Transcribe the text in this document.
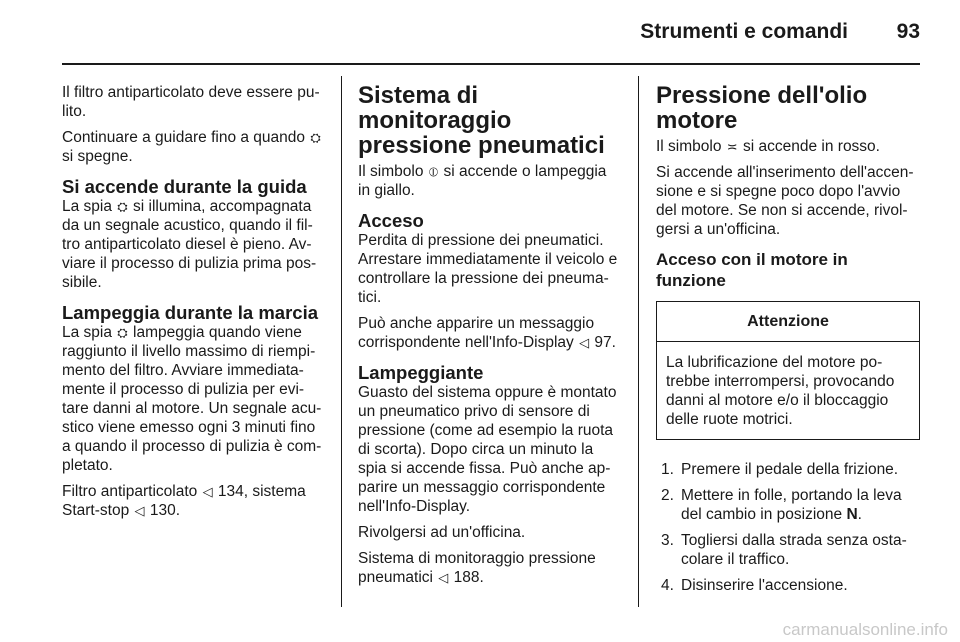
Strumenti e comandi 93

Il filtro antiparticolato deve essere pu-lito.

Continuare a guidare fino a quando ⛭ si spegne.

Si accende durante la guida

La spia ⛭ si illumina, accompagnata da un segnale acustico, quando il fil-tro antiparticolato diesel è pieno. Av-viare il processo di pulizia prima pos-sibile.

Lampeggia durante la marcia

La spia ⛭ lampeggia quando viene raggiunto il livello massimo di riempi-mento del filtro. Avviare immediata-mente il processo di pulizia per evi-tare danni al motore. Un segnale acu-stico viene emesso ogni 3 minuti fino a quando il processo di pulizia è com-pletato.

Filtro antiparticolato ◁ 134, sistema Start-stop ◁ 130.

Sistema di monitoraggio pressione pneumatici

Il simbolo ⦶ si accende o lampeggia in giallo.

Acceso

Perdita di pressione dei pneumatici. Arrestare immediatamente il veicolo e controllare la pressione dei pneuma-tici.

Può anche apparire un messaggio corrispondente nell'Info-Display ◁ 97.

Lampeggiante

Guasto del sistema oppure è montato un pneumatico privo di sensore di pressione (come ad esempio la ruota di scorta). Dopo circa un minuto la spia si accende fissa. Può anche ap-parire un messaggio corrispondente nell'Info-Display.

Rivolgersi ad un'officina.

Sistema di monitoraggio pressione pneumatici ◁ 188.

Pressione dell'olio motore

Il simbolo ≍ si accende in rosso.

Si accende all'inserimento dell'accen-sione e si spegne poco dopo l'avvio del motore. Se non si accende, rivol-gersi a un'officina.

Acceso con il motore in funzione
Attenzione
La lubrificazione del motore po-trebbe interrompersi, provocando danni al motore e/o il bloccaggio delle ruote motrici.
1. Premere il pedale della frizione.
2. Mettere in folle, portando la leva del cambio in posizione N.
3. Togliersi dalla strada senza osta-colare il traffico.
4. Disinserire l'accensione.
carmanualsonline.info
